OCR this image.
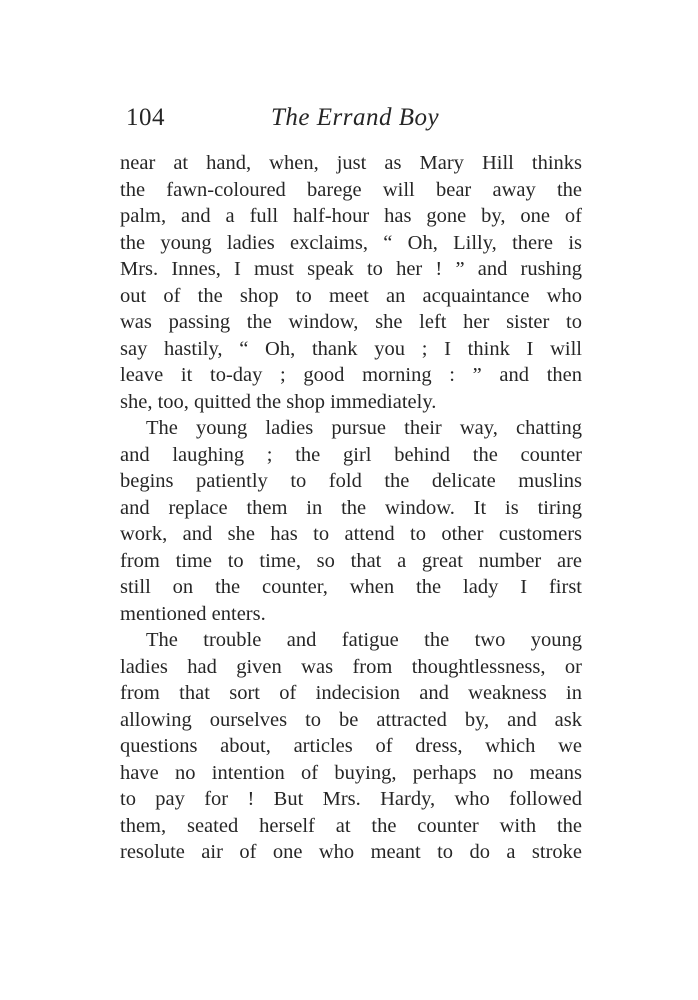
104	The Errand Boy
near at hand, when, just as Mary Hill thinks
the fawn-coloured barege will bear away the
palm, and a full half-hour has gone by, one of
the young ladies exclaims, “ Oh, Lilly, there is
Mrs. Innes, I must speak to her ! ” and rushing
out of the shop to meet an acquaintance who
was passing the window, she left her sister to
say hastily, “ Oh, thank you ; I think I will
leave it to-day ; good morning : ” and then
she, too, quitted the shop immediately.
The young ladies pursue their way, chatting
and laughing ; the girl behind the counter
begins patiently to fold the delicate muslins
and replace them in the window. It is tiring
work, and she has to attend to other customers
from time to time, so that a great number are
still on the counter, when the lady I first
mentioned enters.
The trouble and fatigue the two young
ladies had given was from thoughtlessness, or
from that sort of indecision and weakness in
allowing ourselves to be attracted by, and ask
questions about, articles of dress, which we
have no intention of buying, perhaps no means
to pay for ! But Mrs. Hardy, who followed
them, seated herself at the counter with the
resolute air of one who meant to do a stroke
